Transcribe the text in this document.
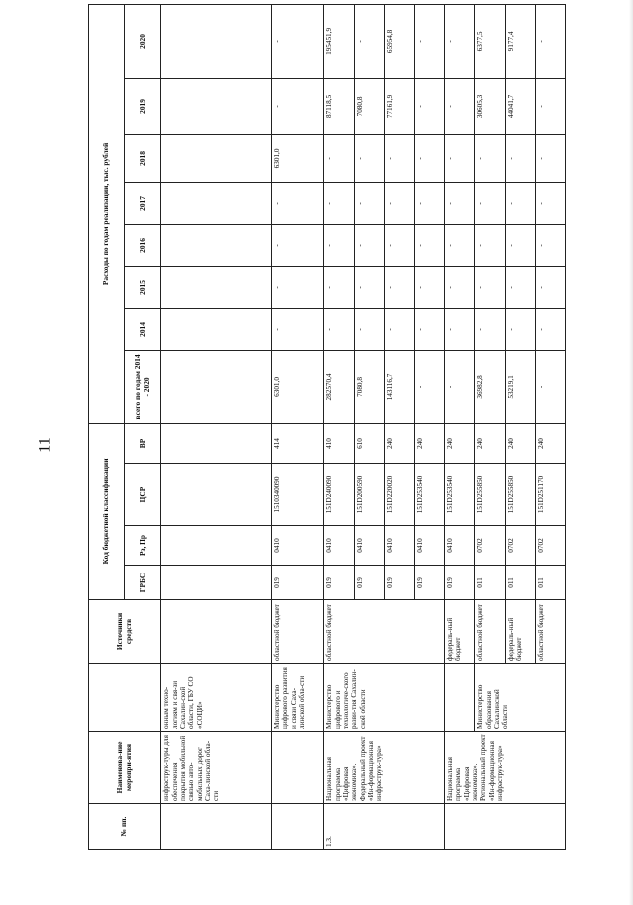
11
№ пп.	Наименова-ние меропри-ятия		Источники средств	Код бюджетной классификации				Расходы по годам реализации, тыс. рублей							
				ГРБС	Рз, Пр	ЦСР	ВР	всего по годам 2014 - 2020	2014	2015	2016	2017	2018	2019	2020
	инфраструк-туры для обеспечения покрытия мобильной связью авто-мобильных дорог Саха-линской обла-сти	онным техно-логиям и свя-зи Сахалин-ской области, ГБУ СО «СОЦИ»													
		Министерство цифрового развития и связи Саха-линской обла-сти	областной бюджет	019	0410	1510340090	414	6301,0	-	-	-	-	6301,0	-	-
1.3.	Национальная программа «Цифровая экономика». Федеральный проект «Ин-формационная инфраструк-тура»	Министерство цифрового и технологиче-ского разви-тия Сахалин-ской области	областной бюджет	019	0410	151D240090	410	282570,4	-	-	-	-	-	87118,5	195451,9
				019	0410	151D200590	610	7080,8	-	-	-	-	-	7080,8	-
				019	0410	151D220020	240	143116,7	-	-	-	-	-	77161,9	65954,8
				019	0410	151D253540	240	-	-	-	-	-	-	-	-
	Национальная программа «Цифровая экономика». Региональный проект «Ин-формационная инфраструк-тура»		федераль-ный бюджет	019	0410	151D253540	240	-	-	-	-	-	-	-	-
		Министерство образования Сахалинской области	областной бюджет	011	0702	151D255850	240	36982,8	-	-	-	-	-	30605,3	6377,5
			федераль-ный бюджет	011	0702	151D255850	240	53219,1	-	-	-	-	-	44041,7	9177,4
			областной бюджет	011	0702	151D251170	240	-	-	-	-	-	-	-	-
